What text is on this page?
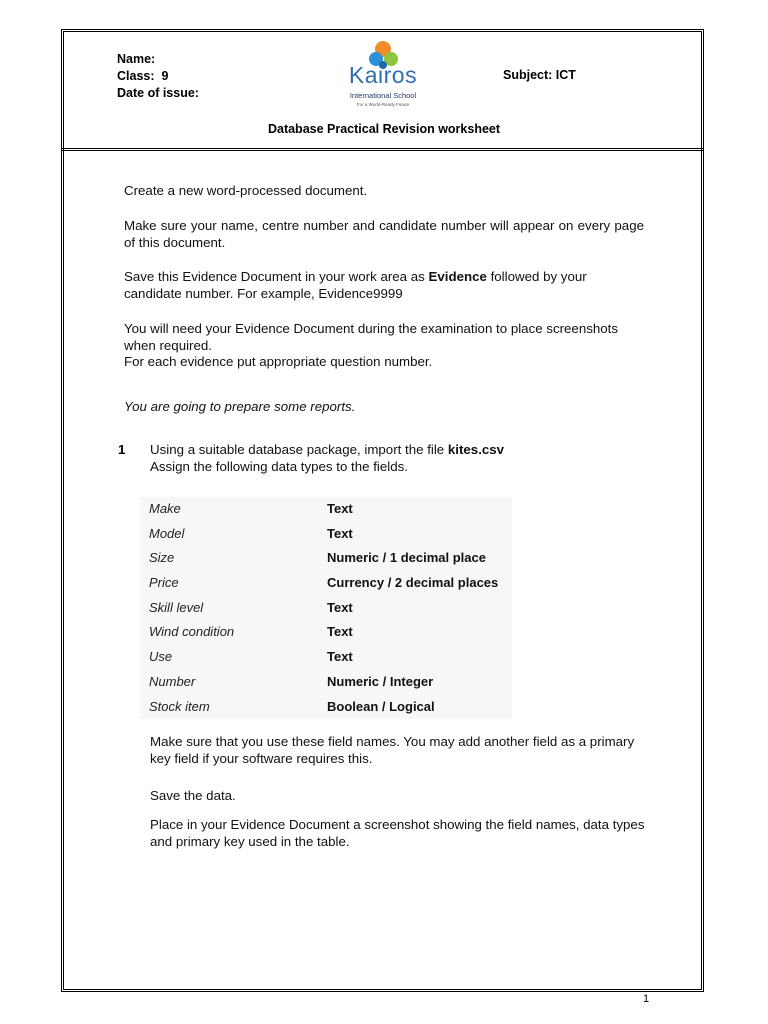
Name:
Class:  9
Date of issue:
Kairos
International School
For a World-Ready Future
Subject: ICT
Database Practical Revision worksheet
Create a new word-processed document.
Make sure your name, centre number and candidate number will appear on every page of this document.
Save this Evidence Document in your work area as Evidence followed by your candidate number. For example, Evidence9999
You will need your Evidence Document during the examination to place screenshots when required.
For each evidence put appropriate question number.
You are going to prepare some reports.
1 Using a suitable database package, import the file kites.csv
Assign the following data types to the fields.
Make	Text
Model	Text
Size	Numeric / 1 decimal place
Price	Currency / 2 decimal places
Skill level	Text
Wind condition	Text
Use	Text
Number	Numeric / Integer
Stock item	Boolean / Logical
Make sure that you use these field names. You may add another field as a primary key field if your software requires this.
Save the data.
Place in your Evidence Document a screenshot showing the field names, data types and primary key used in the table.
1
